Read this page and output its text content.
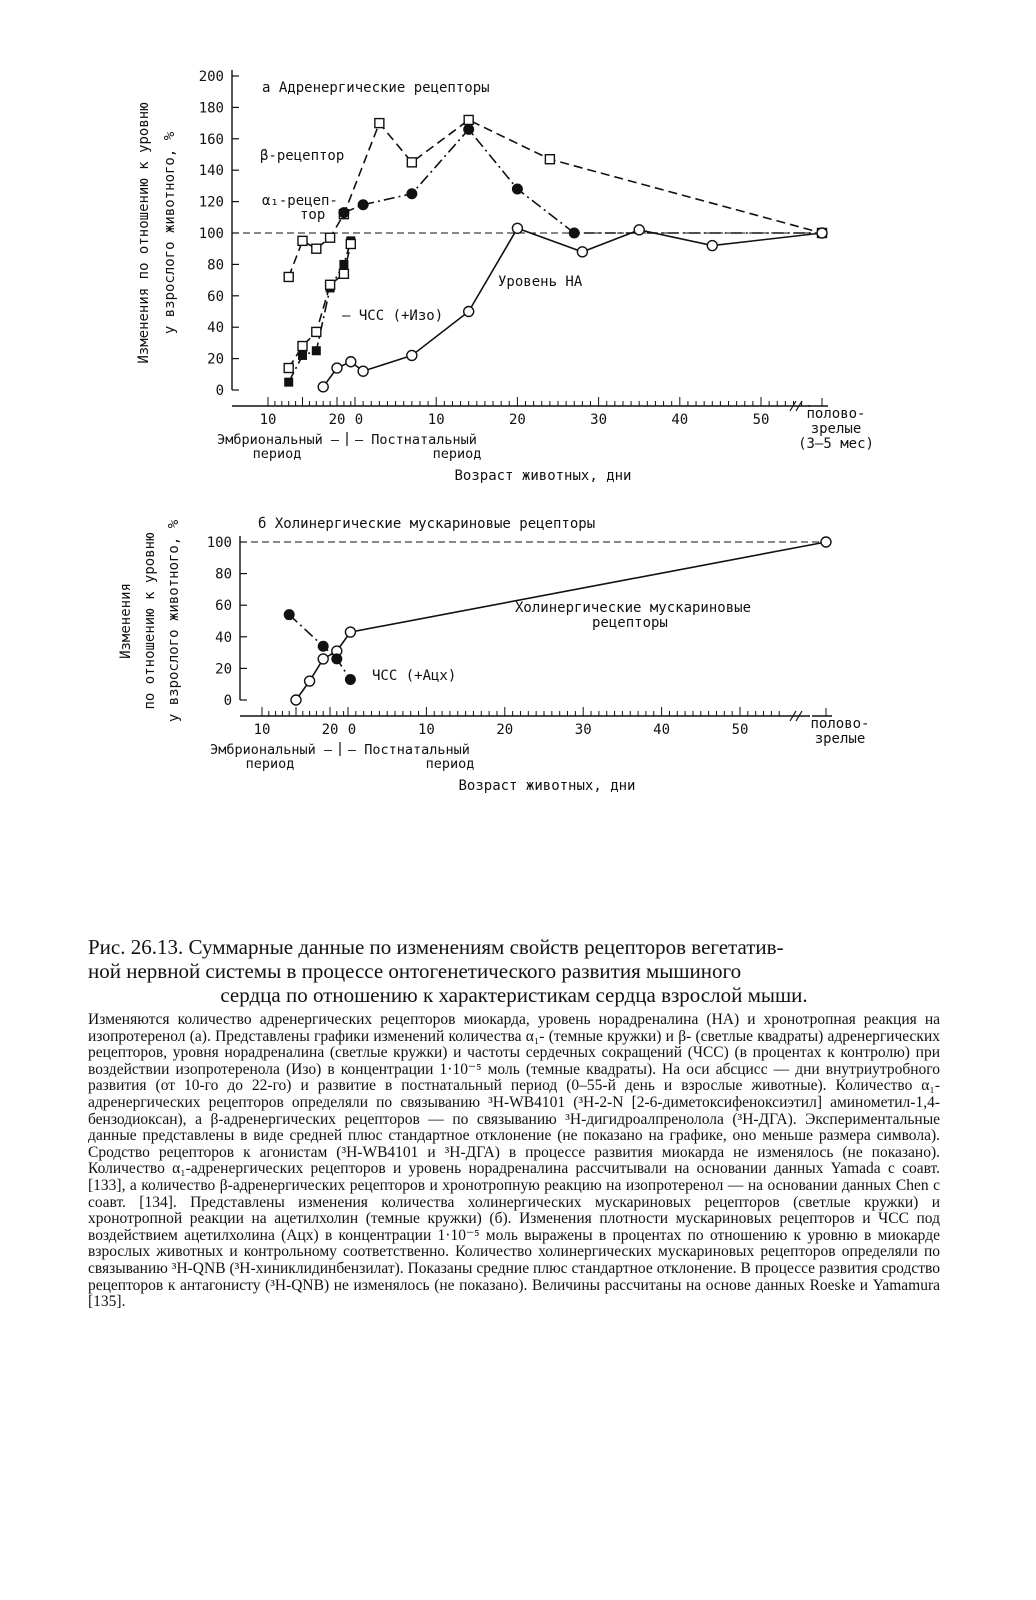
а Адренергические рецепторы
0
20
40
60
80
100
120
140
160
180
200
Изменения по отношению к уровню у взрослого животного, %
10	20 0	10	20	30	40	50	полово-
зрелые
(3–5 мес)
Эмбриональный –
период
– Постнатальный
период
Возраст животных, дни
β-рецептор
α₁-рецеп-
тор
Уровень НА
– ЧСС (+Изо)
б Холинергические мускариновые рецепторы
0
20
40
60
80
100
Изменения по отношению к уровню у взрослого животного, %
10	20 0	10	20	30	40	50	полово-
зрелые
Эмбриональный –
период
– Постнатальный
период
Возраст животных, дни
Холинергические мускариновые
рецепторы
ЧСС (+Ацх)

Рис. 26.13. Суммарные данные по изменениям свойств рецепторов вегетатив-

ной нервной системы в процессе онтогенетического развития мышиного

сердца по отношению к характеристикам сердца взрослой мыши.

Изменяются количество адренергических рецепторов миокарда, уровень норадреналина (НА) и хронотропная реакция на изопротеренол (а). Представлены графики изменений количества α₁- (темные кружки) и β- (светлые квадраты) адренергических рецепторов, уровня норадреналина (светлые кружки) и частоты сердечных сокращений (ЧСС) (в процентах к контролю) при воздействии изопротеренола (Изо) в концентрации 1·10⁻⁵ моль (темные квадраты). На оси абсцисс — дни внутриутробного развития (от 10-го до 22-го) и развитие в постнатальный период (0–55-й день и взрослые животные). Количество α₁-адренергических рецепторов определяли по связыванию ³H-WB4101 (³H-2-N [2-6-диметоксифеноксиэтил] аминометил-1,4-бензодиоксан), а β-адренергических рецепторов — по связыванию ³H-дигидроалпренолола (³H-ДГА). Экспериментальные данные представлены в виде средней плюс стандартное отклонение (не показано на графике, оно меньше размера символа). Сродство рецепторов к агонистам (³H-WB4101 и ³H-ДГА) в процессе развития миокарда не изменялось (не показано). Количество α₁-адренергических рецепторов и уровень норадреналина рассчитывали на основании данных Yamada с соавт. [133], а количество β-адренергических рецепторов и хронотропную реакцию на изопротеренол — на основании данных Chen с соавт. [134]. Представлены изменения количества холинергических мускариновых рецепторов (светлые кружки) и хронотропной реакции на ацетилхолин (темные кружки) (б). Изменения плотности мускариновых рецепторов и ЧСС под воздействием ацетилхолина (Ацх) в концентрации 1·10⁻⁵ моль выражены в процентах по отношению к уровню в миокарде взрослых животных и контрольному соответственно. Количество холинергических мускариновых рецепторов определяли по связыванию ³H-QNB (³H-хиниклидинбензилат). Показаны средние плюс стандартное отклонение. В процессе развития сродство рецепторов к антагонисту (³H-QNB) не изменялось (не показано). Величины рассчитаны на основе данных Roeske и Yamamura [135].
